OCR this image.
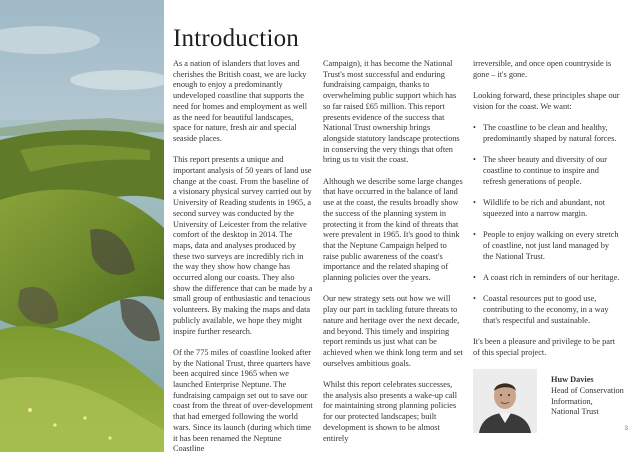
Introduction

As a nation of islanders that loves and cherishes the British coast, we are lucky enough to enjoy a predominantly undeveloped coastline that supports the need for homes and employment as well as the need for beautiful landscapes, space for nature, fresh air and special seaside places.

This report presents a unique and important analysis of 50 years of land use change at the coast. From the baseline of a visionary physical survey carried out by University of Reading students in 1965, a second survey was conducted by the University of Leicester from the relative comfort of the desktop in 2014. The maps, data and analyses produced by these two surveys are incredibly rich in the way they show how change has occurred along our coasts. They also show the difference that can be made by a small group of enthusiastic and tenacious volunteers. By making the maps and data publicly available, we hope they might inspire further research.

Of the 775 miles of coastline looked after by the National Trust, three quarters have been acquired since 1965 when we launched Enterprise Neptune. The fundraising campaign set out to save our coast from the threat of over-development that had emerged following the world wars. Since its launch (during which time it has been renamed the Neptune Coastline

Campaign), it has become the National Trust's most successful and enduring fundraising campaign, thanks to overwhelming public support which has so far raised £65 million. This report presents evidence of the success that National Trust ownership brings alongside statutory landscape protections in conserving the very things that often bring us to visit the coast.

Although we describe some large changes that have occurred in the balance of land use at the coast, the results broadly show the success of the planning system in protecting it from the kind of threats that were prevalent in 1965. It's good to think that the Neptune Campaign helped to raise public awareness of the coast's importance and the related shaping of planning policies over the years.

Our new strategy sets out how we will play our part in tackling future threats to nature and heritage over the next decade, and beyond. This timely and inspiring report reminds us just what can be achieved when we think long term and set ourselves ambitious goals.

Whilst this report celebrates successes, the analysis also presents a wake-up call for maintaining strong planning policies for our protected landscapes; built development is shown to be almost entirely

irreversible, and once open countryside is gone – it's gone.

Looking forward, these principles shape our vision for the coast. We want:

• The coastline to be clean and healthy, predominantly shaped by natural forces.
• The sheer beauty and diversity of our coastline to continue to inspire and refresh generations of people.
• Wildlife to be rich and abundant, not squeezed into a narrow margin.
• People to enjoy walking on every stretch of coastline, not just land managed by the National Trust.
• A coast rich in reminders of our heritage.
• Coastal resources put to good use, contributing to the economy, in a way that's respectful and sustainable.

It's been a pleasure and privilege to be part of this special project.

Huw Davies
Head of Conservation
Information,
National Trust
3
